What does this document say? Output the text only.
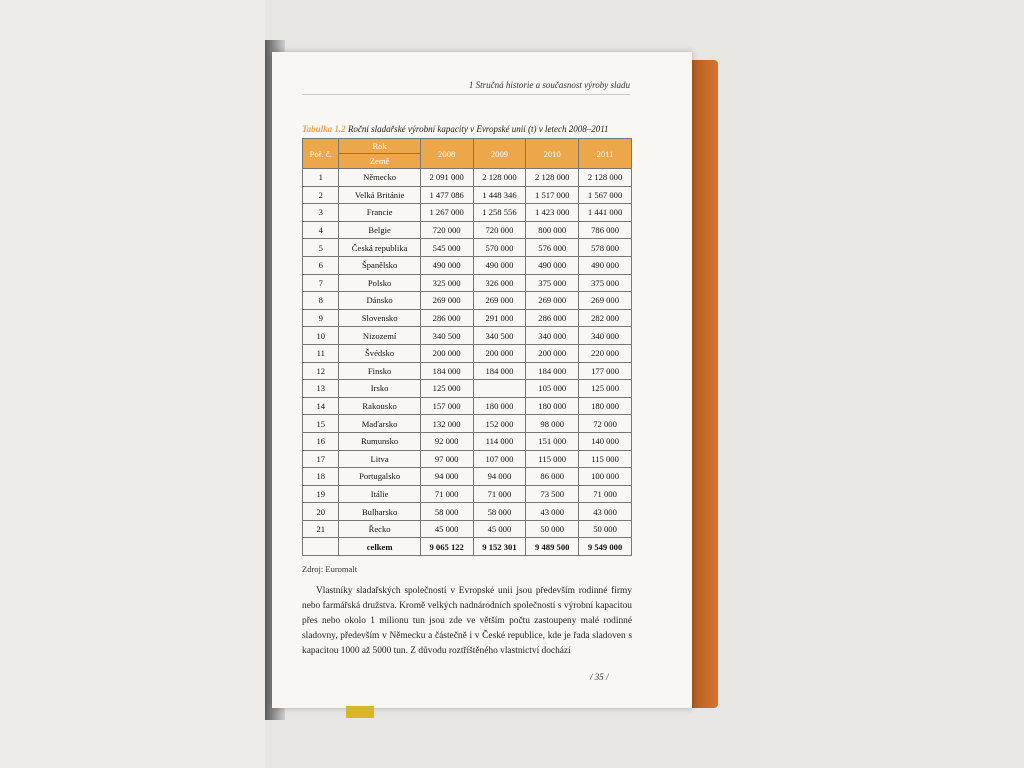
1 Stručná historie a současnost výroby sladu
Tabulka 1.2 Roční sladařské výrobní kapacity v Evropské unii (t) v letech 2008–2011
Poř. č.	Rok	2008	2009	2010	2011
	Země				
1	Německo	2 091 000	2 128 000	2 128 000	2 128 000
2	Velká Británie	1 477 086	1 448 346	1 517 000	1 567 000
3	Francie	1 267 000	1 258 556	1 423 000	1 441 000
4	Belgie	720 000	720 000	800 000	786 000
5	Česká republika	545 000	570 000	576 000	578 000
6	Španělsko	490 000	490 000	490 000	490 000
7	Polsko	325 000	326 000	375 000	375 000
8	Dánsko	269 000	269 000	269 000	269 000
9	Slovensko	286 000	291 000	286 000	282 000
10	Nizozemí	340 500	340 500	340 000	340 000
11	Švédsko	200 000	200 000	200 000	220 000
12	Finsko	184 000	184 000	184 000	177 000
13	Irsko	125 000		105 000	125 000
14	Rakousko	157 000	180 000	180 000	180 000
15	Maďarsko	132 000	152 000	98 000	72 000
16	Rumunsko	92 000	114 000	151 000	140 000
17	Litva	97 000	107 000	115 000	115 000
18	Portugalsko	94 000	94 000	86 000	100 000
19	Itálie	71 000	71 000	73 500	71 000
20	Bulharsko	58 000	58 000	43 000	43 000
21	Řecko	45 000	45 000	50 000	50 000
	celkem	9 065 122	9 152 301	9 489 500	9 549 000
Zdroj: Euromalt

Vlastníky sladařských společností v Evropské unii jsou především rodinné firmy nebo farmářská družstva. Kromě velkých nadnárodních společností s výrobní kapacitou přes nebo okolo 1 milionu tun jsou zde ve větším počtu zastoupeny malé rodinné sladovny, především v Německu a částečně i v České republice, kde je řada sladoven s kapacitou 1000 až 5000 tun. Z důvodu roztříštěného vlastnictví dochází

/ 35 /
